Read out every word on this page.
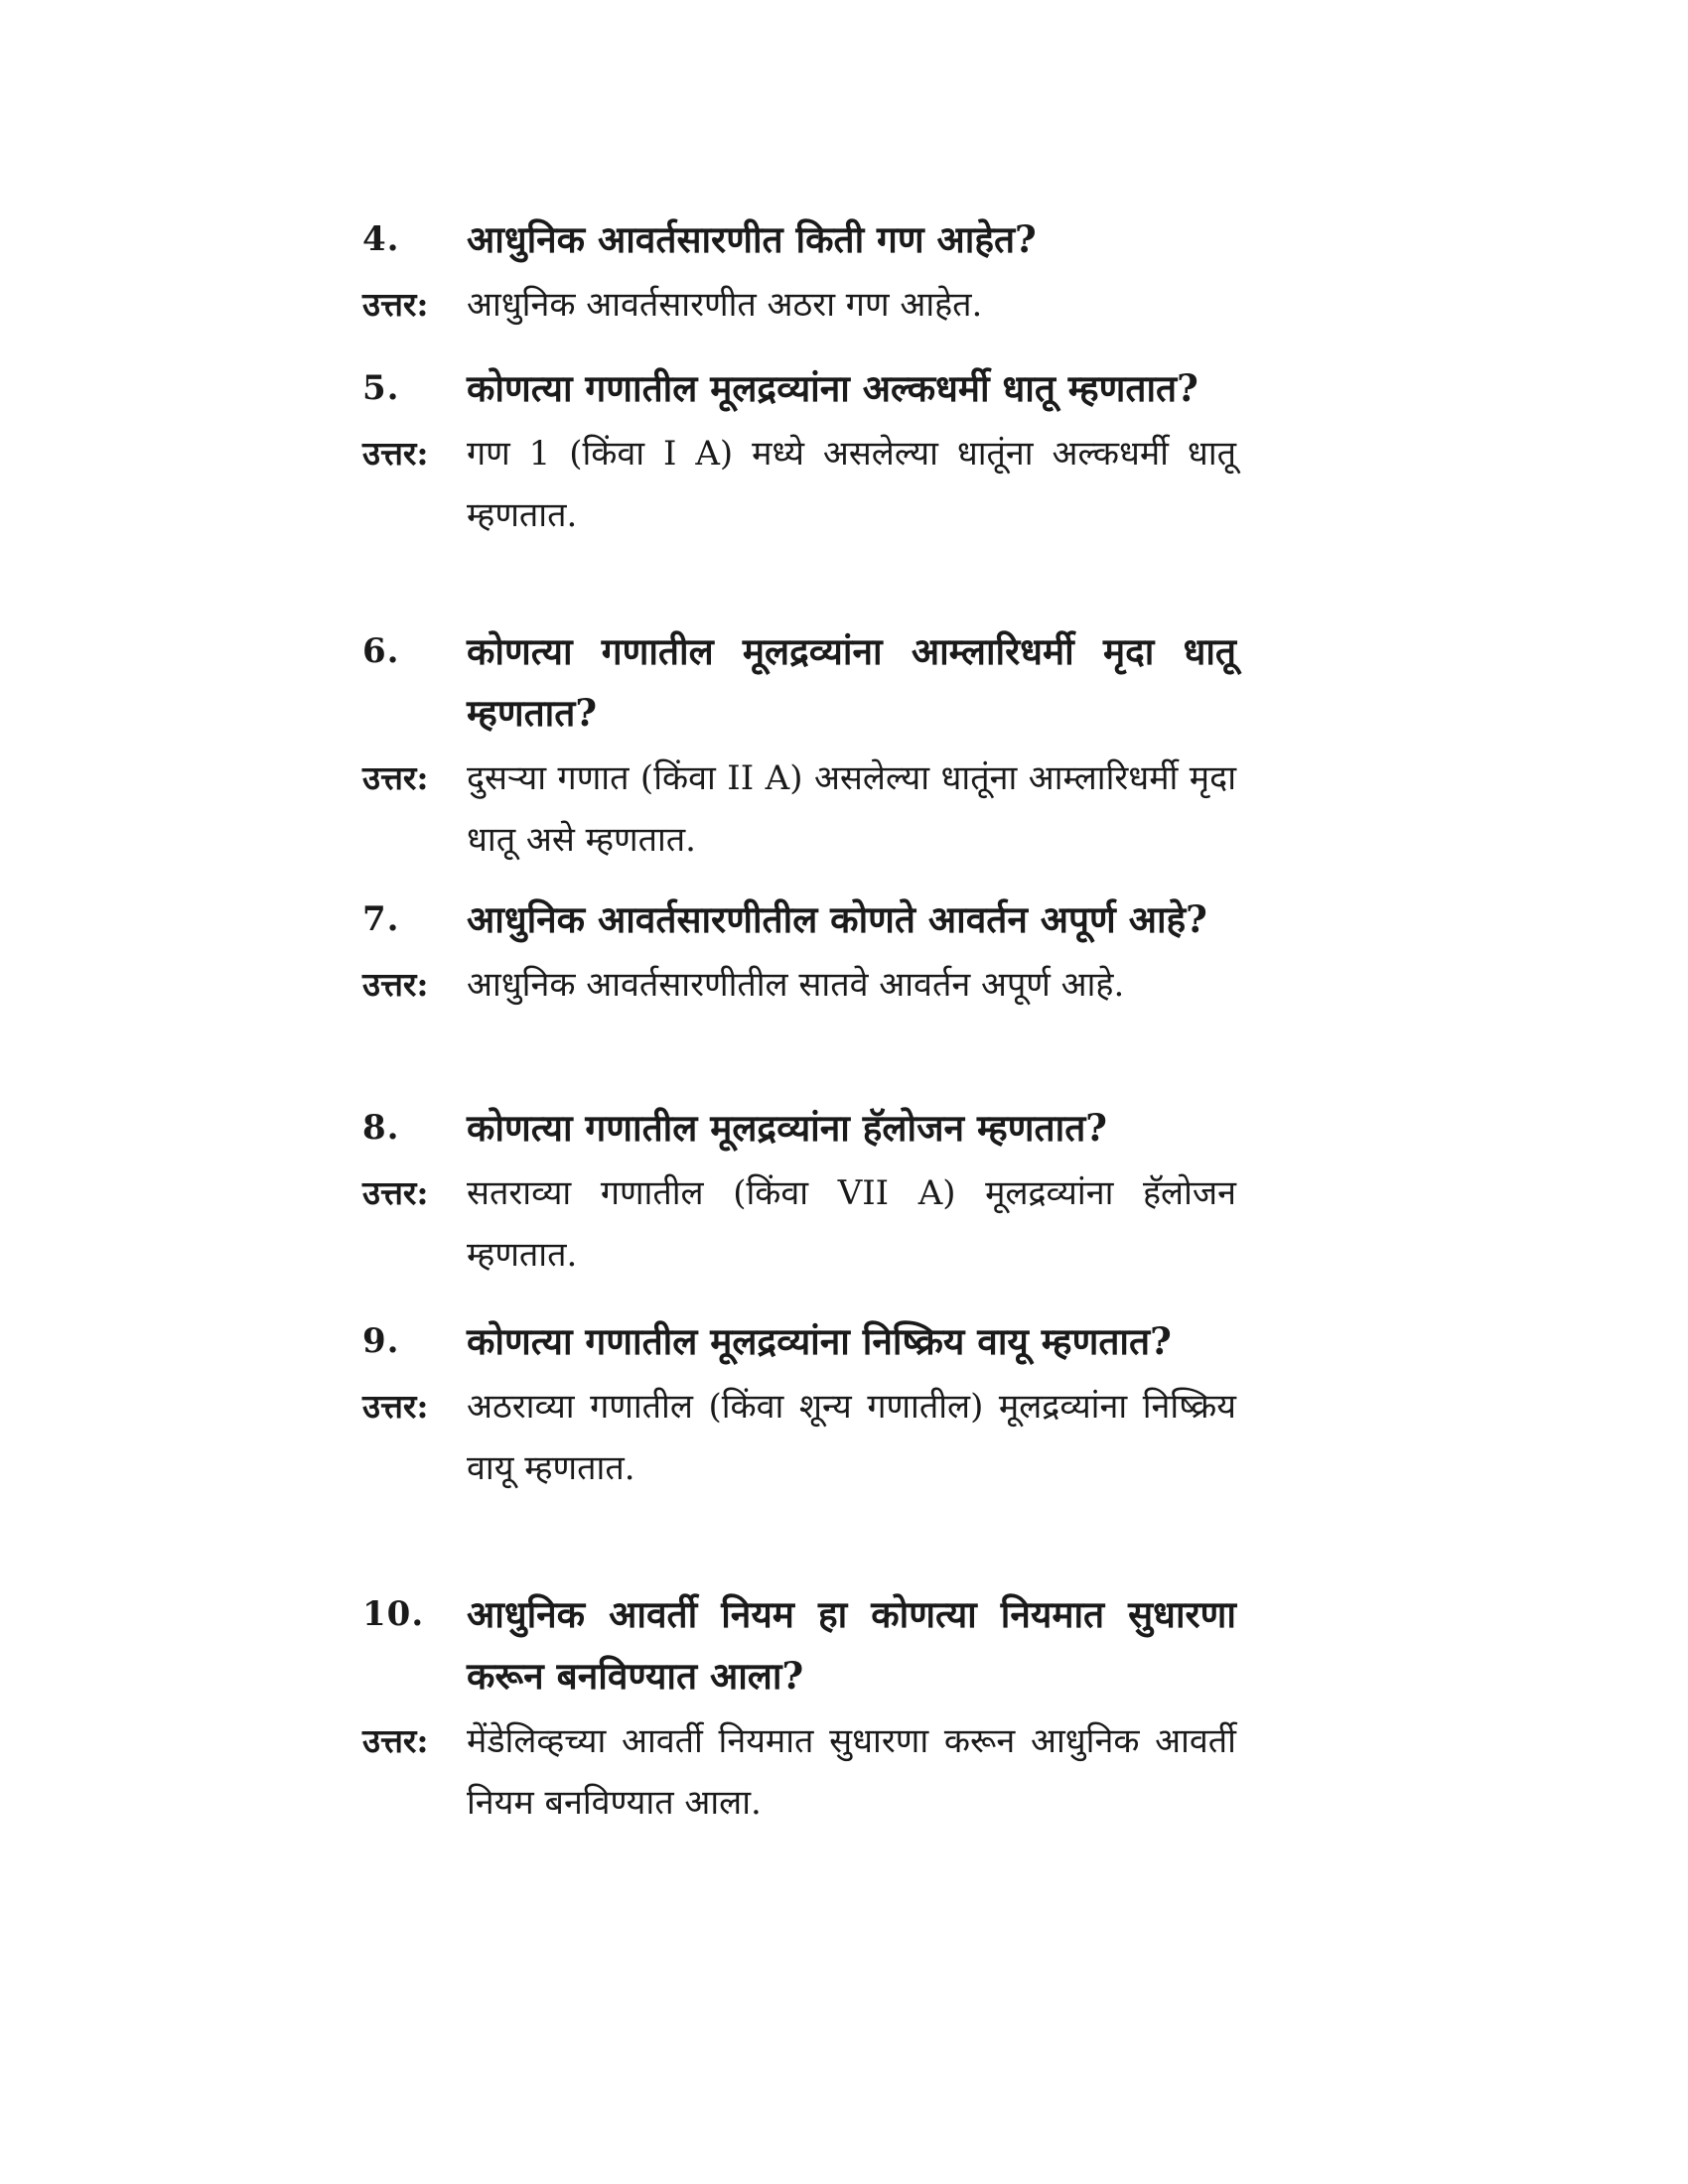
4.	आधुनिक आवर्तसारणीत किती गण आहेत?
उत्तर:	आधुनिक आवर्तसारणीत अठरा गण आहेत.
5.	कोणत्या गणातील मूलद्रव्यांना अल्कधर्मी धातू म्हणतात?
उत्तर:	गण 1 (किंवा I A) मध्ये असलेल्या धातूंना अल्कधर्मी धातू म्हणतात.
6.	कोणत्या गणातील मूलद्रव्यांना आम्लारिधर्मी मृदा धातू म्हणतात?
उत्तर:	दुसऱ्या गणात (किंवा II A) असलेल्या धातूंना आम्लारिधर्मी मृदा धातू असे म्हणतात.
7.	आधुनिक आवर्तसारणीतील कोणते आवर्तन अपूर्ण आहे?
उत्तर:	आधुनिक आवर्तसारणीतील सातवे आवर्तन अपूर्ण आहे.
8.	कोणत्या गणातील मूलद्रव्यांना हॅलोजन म्हणतात?
उत्तर:	सतराव्या गणातील (किंवा VII A) मूलद्रव्यांना हॅलोजन म्हणतात.
9.	कोणत्या गणातील मूलद्रव्यांना निष्क्रिय वायू म्हणतात?
उत्तर:	अठराव्या गणातील (किंवा शून्य गणातील) मूलद्रव्यांना निष्क्रिय वायू म्हणतात.
10.	आधुनिक आवर्ती नियम हा कोणत्या नियमात सुधारणा करून बनविण्यात आला?
उत्तर:	मेंडेलिव्हच्या आवर्ती नियमात सुधारणा करून आधुनिक आवर्ती नियम बनविण्यात आला.
